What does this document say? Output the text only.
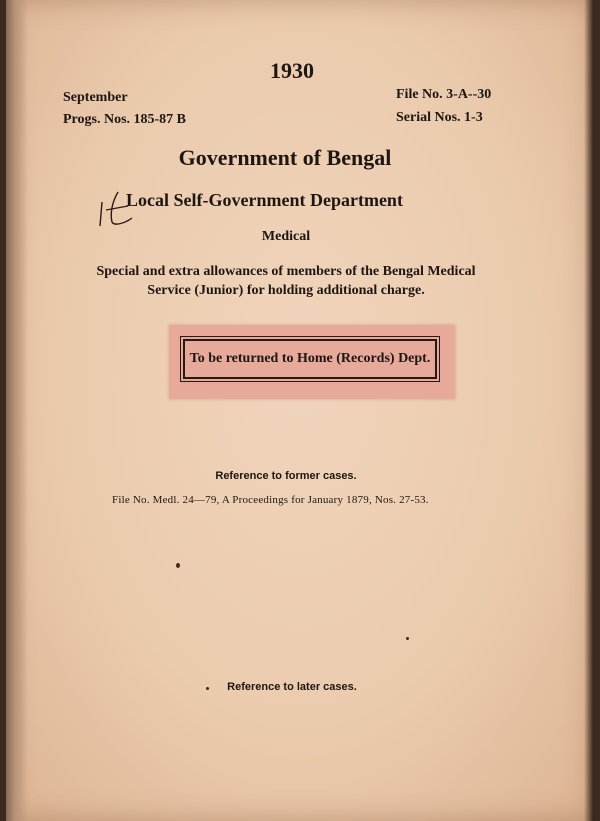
1930
September
Progs. Nos. 185-87 B
File No. 3-A--30
Serial Nos. 1-3
Government of Bengal
Local Self-Government Department
Medical
Special and extra allowances of members of the Bengal Medical
Service (Junior) for holding additional charge.
To be returned to Home (Records) Dept.
Reference to former cases.
File No. Medl. 24—79, A Proceedings for January 1879, Nos. 27-53.
Reference to later cases.
